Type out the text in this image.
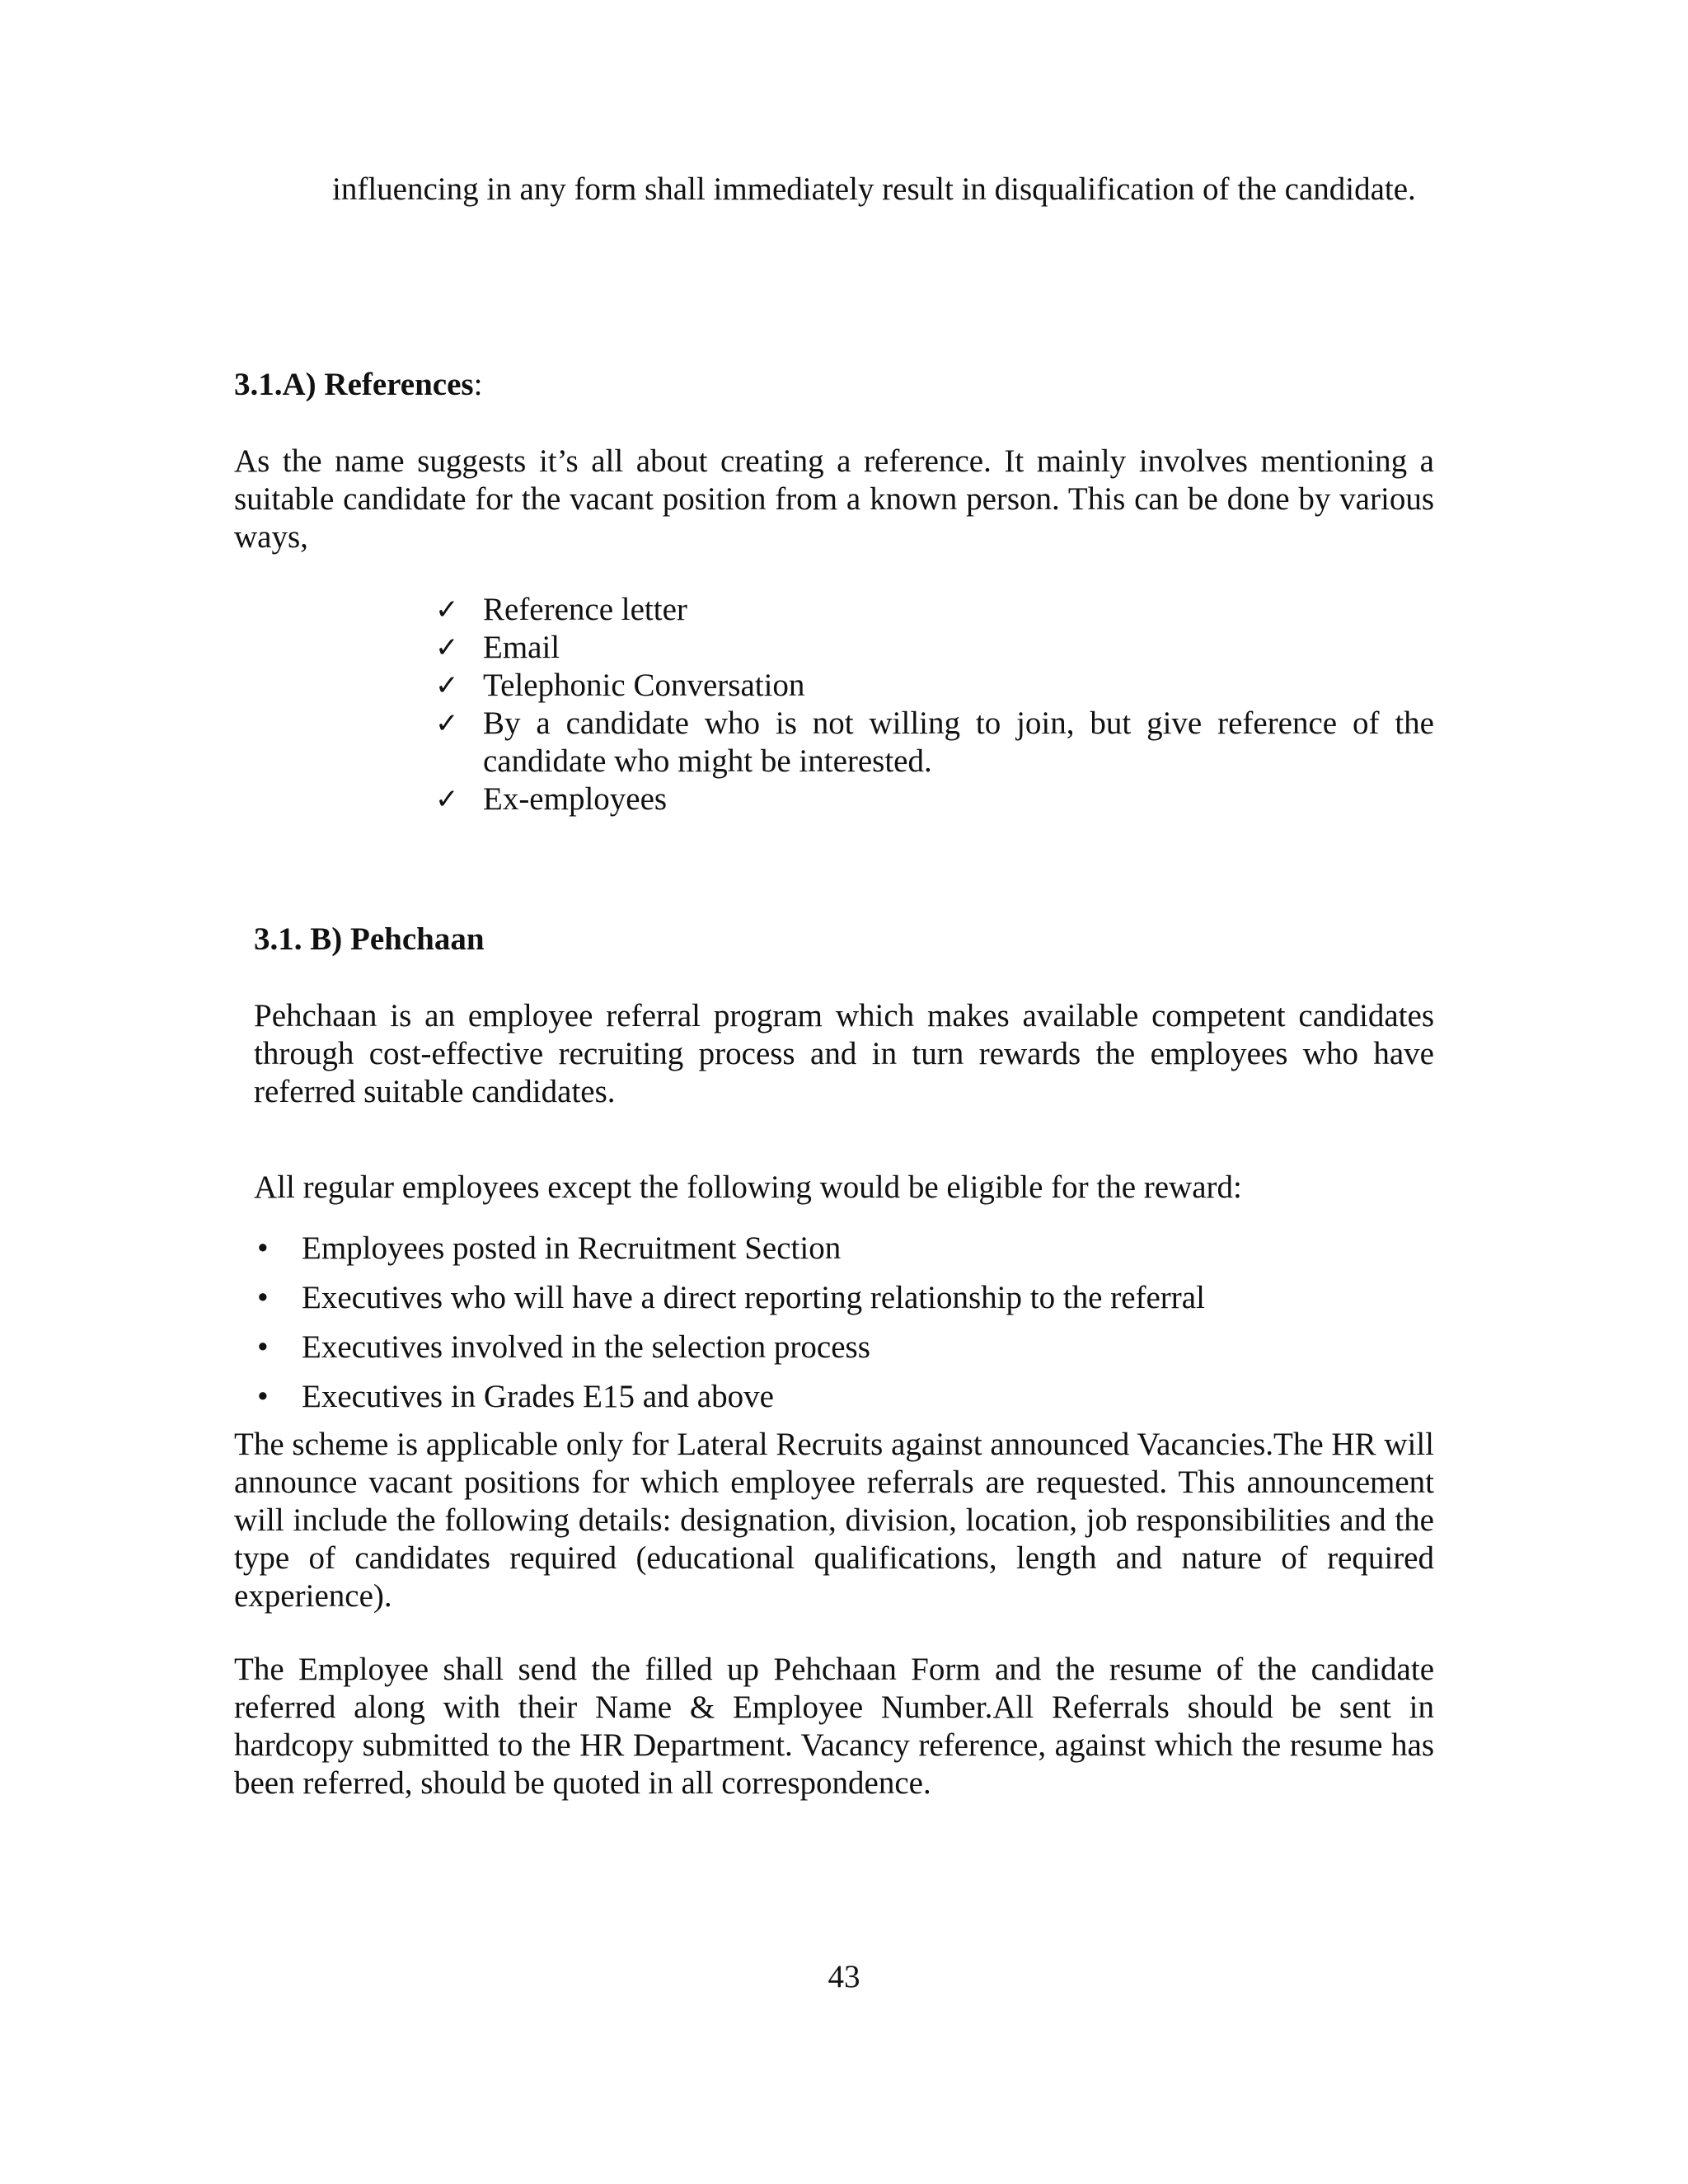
influencing in any form shall immediately result in disqualification of the candidate.

3.1.A) References:

As the name suggests it’s all about creating a reference. It mainly involves mentioning a suitable candidate for the vacant position from a known person. This can be done by various ways,

✓ Reference letter
✓ Email
✓ Telephonic Conversation
✓ By a candidate who is not willing to join, but give reference of the candidate who might be interested.
✓ Ex-employees
3.1. B) Pehchaan

Pehchaan is an employee referral program which makes available competent candidates through cost-effective recruiting process and in turn rewards the employees who have referred suitable candidates.

All regular employees except the following would be eligible for the reward:

• Employees posted in Recruitment Section
• Executives who will have a direct reporting relationship to the referral
• Executives involved in the selection process
• Executives in Grades E15 and above

The scheme is applicable only for Lateral Recruits against announced Vacancies.The HR will announce vacant positions for which employee referrals are requested. This announcement will include the following details: designation, division, location, job responsibilities and the type of candidates required (educational qualifications, length and nature of required experience).

The Employee shall send the filled up Pehchaan Form and the resume of the candidate referred along with their Name & Employee Number.All Referrals should be sent in hardcopy submitted to the HR Department. Vacancy reference, against which the resume has been referred, should be quoted in all correspondence.

43
